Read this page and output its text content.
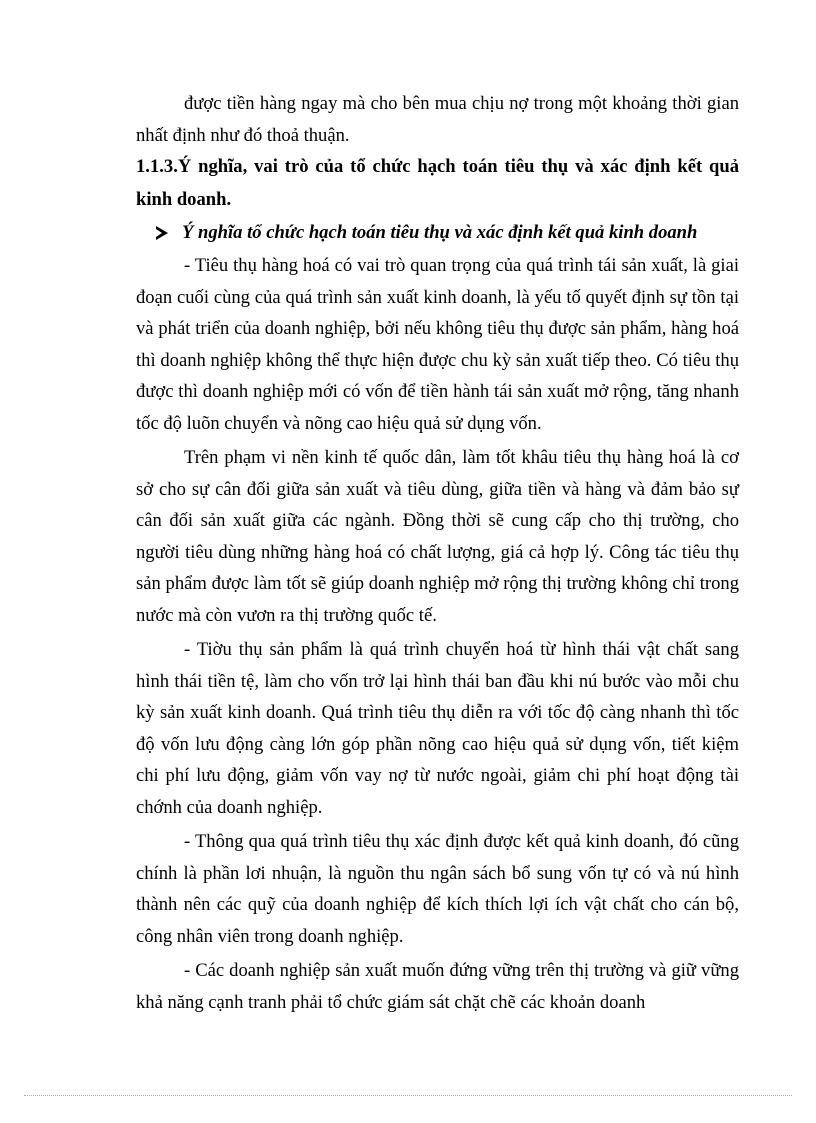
được tiền hàng ngay mà cho bên mua chịu nợ trong một khoảng thời gian nhất định như đó thoả thuận.

1.1.3.Ý nghĩa, vai trò của tổ chức hạch toán tiêu thụ và xác định kết quả kinh doanh.

Ý nghĩa tổ chức hạch toán tiêu thụ và xác định kết quả kinh doanh

- Tiêu thụ hàng hoá có vai trò quan trọng của quá trình tái sản xuất, là giai đoạn cuối cùng của quá trình sản xuất kinh doanh, là yếu tố quyết định sự tồn tại và phát triển của doanh nghiệp, bởi nếu không tiêu thụ được sản phẩm, hàng hoá thì doanh nghiệp không thể thực hiện được chu kỳ sản xuất tiếp theo. Có tiêu thụ được thì doanh nghiệp mới có vốn để tiền hành tái sản xuất mở rộng, tăng nhanh tốc độ luõn chuyển và nõng cao hiệu quả sử dụng vốn.

Trên phạm vi nền kinh tế quốc dân, làm tốt khâu tiêu thụ hàng hoá là cơ sở cho sự cân đối giữa sản xuất và tiêu dùng, giữa tiền và hàng và đảm bảo sự cân đối sản xuất giữa các ngành. Đồng thời sẽ cung cấp cho thị trường, cho người tiêu dùng những hàng hoá có chất lượng, giá cả hợp lý. Công tác tiêu thụ sản phẩm được làm tốt sẽ giúp doanh nghiệp mở rộng thị trường không chỉ trong nước mà còn vươn ra thị trường quốc tế.

- Tiờu thụ sản phẩm là quá trình chuyển hoá từ hình thái vật chất sang hình thái tiền tệ, làm cho vốn trở lại hình thái ban đầu khi nú bước vào mỗi chu kỳ sản xuất kinh doanh. Quá trình tiêu thụ diễn ra với tốc độ càng nhanh thì tốc độ vốn lưu động càng lớn góp phần nõng cao hiệu quả sử dụng vốn, tiết kiệm chi phí lưu động, giảm vốn vay nợ từ nước ngoài, giảm chi phí hoạt động tài chớnh của doanh nghiệp.

- Thông qua quá trình tiêu thụ xác định được kết quả kinh doanh, đó cũng chính là phần lơi nhuận, là nguồn thu ngân sách bổ sung vốn tự có và nú hình thành nên các quỹ của doanh nghiệp để kích thích lợi ích vật chất cho cán bộ, công nhân viên trong doanh nghiệp.

- Các doanh nghiệp sản xuất muốn đứng vững trên thị trường và giữ vững khả năng cạnh tranh phải tổ chức giám sát chặt chẽ các khoản doanh
